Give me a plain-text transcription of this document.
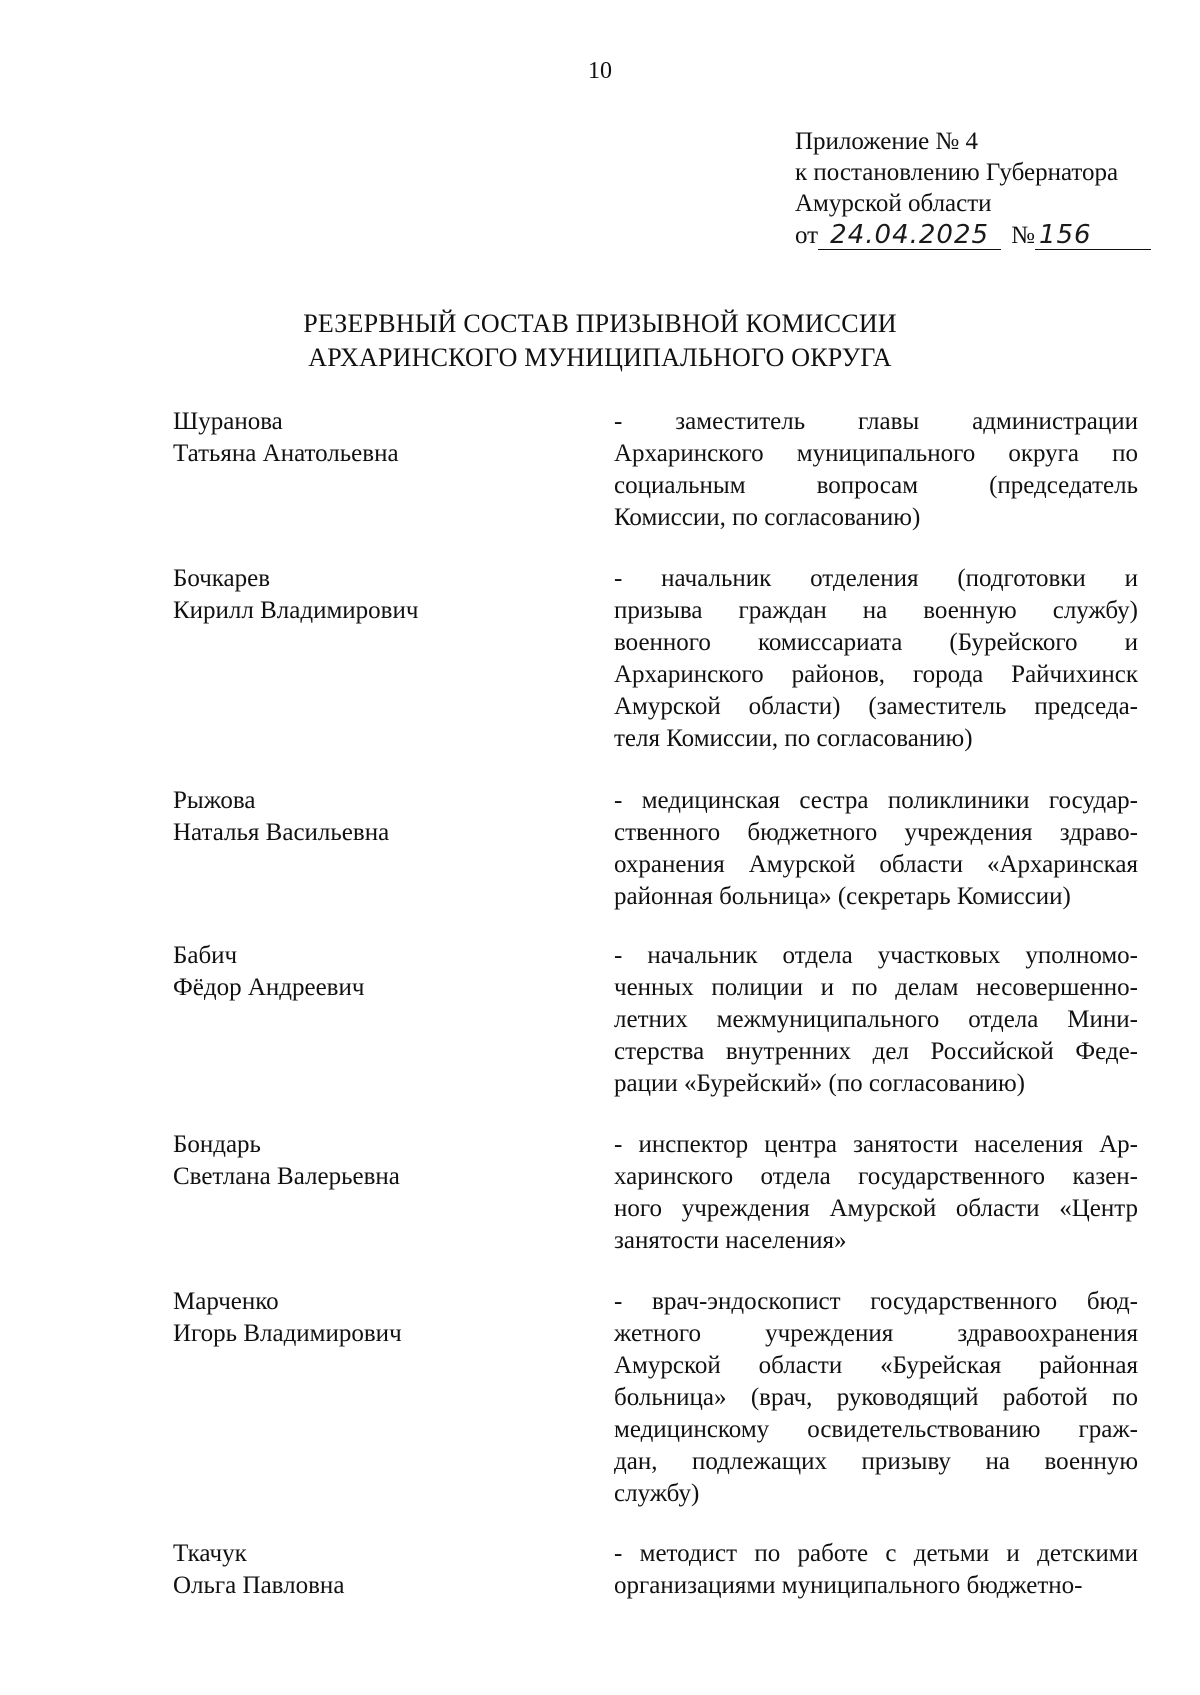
10
Приложение № 4
к постановлению Губернатора
Амурской области
от 24.04.2025 № 156
РЕЗЕРВНЫЙ СОСТАВ ПРИЗЫВНОЙ КОМИССИИ
АРХАРИНСКОГО МУНИЦИПАЛЬНОГО ОКРУГА
Шуранова
Татьяна Анатольевна
- заместитель главы администрации
Архаринского муниципального округа по
социальным вопросам (председатель
Комиссии, по согласованию)
Бочкарев
Кирилл Владимирович
- начальник отделения (подготовки и
призыва граждан на военную службу)
военного комиссариата (Бурейского и
Архаринского районов, города Райчихинск
Амурской области) (заместитель председа-
теля Комиссии, по согласованию)
Рыжова
Наталья Васильевна
- медицинская сестра поликлиники государ-
ственного бюджетного учреждения здраво-
охранения Амурской области «Архаринская
районная больница» (секретарь Комиссии)
Бабич
Фёдор Андреевич
- начальник отдела участковых уполномо-
ченных полиции и по делам несовершенно-
летних межмуниципального отдела Мини-
стерства внутренних дел Российской Феде-
рации «Бурейский» (по согласованию)
Бондарь
Светлана Валерьевна
- инспектор центра занятости населения Ар-
харинского отдела государственного казен-
ного учреждения Амурской области «Центр
занятости населения»
Марченко
Игорь Владимирович
- врач-эндоскопист государственного бюд-
жетного учреждения здравоохранения
Амурской области «Бурейская районная
больница» (врач, руководящий работой по
медицинскому освидетельствованию граж-
дан, подлежащих призыву на военную
службу)
Ткачук
Ольга Павловна
- методист по работе с детьми и детскими
организациями муниципального бюджетно-
